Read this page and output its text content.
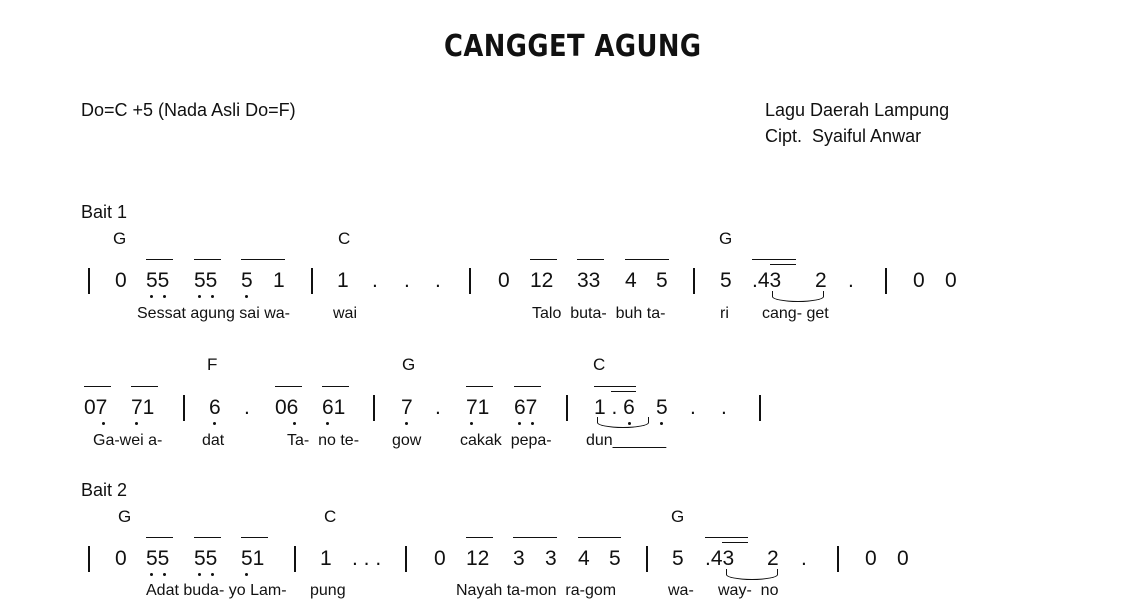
CANGGET AGUNG
Do=C +5 (Nada Asli Do=F)	Lagu Daerah Lampung
Cipt.  Syaiful Anwar
Bait 1
G	C	G
0 55 55 5 1 1 . . .	0 12 33 4 5 5 .43 2 .	0 0
Sessat agung sai wa-	wai	Talo  buta-  buh ta-	ri cang- get
F	G	C
07 71	6 . 06 61	7 . 71 67	1 . 6 5 . .
Ga-wei a- dat	Ta-  no te- gow cakak  pepa- dun______
Bait 2
G	C	G
0 55 55 51	1 . . .	0 12 3 3 4 5 5 .43 2 .	0 0
Adat buda- yo Lam- pung	Nayah ta-mon  ra-gom	wa- way-  no
